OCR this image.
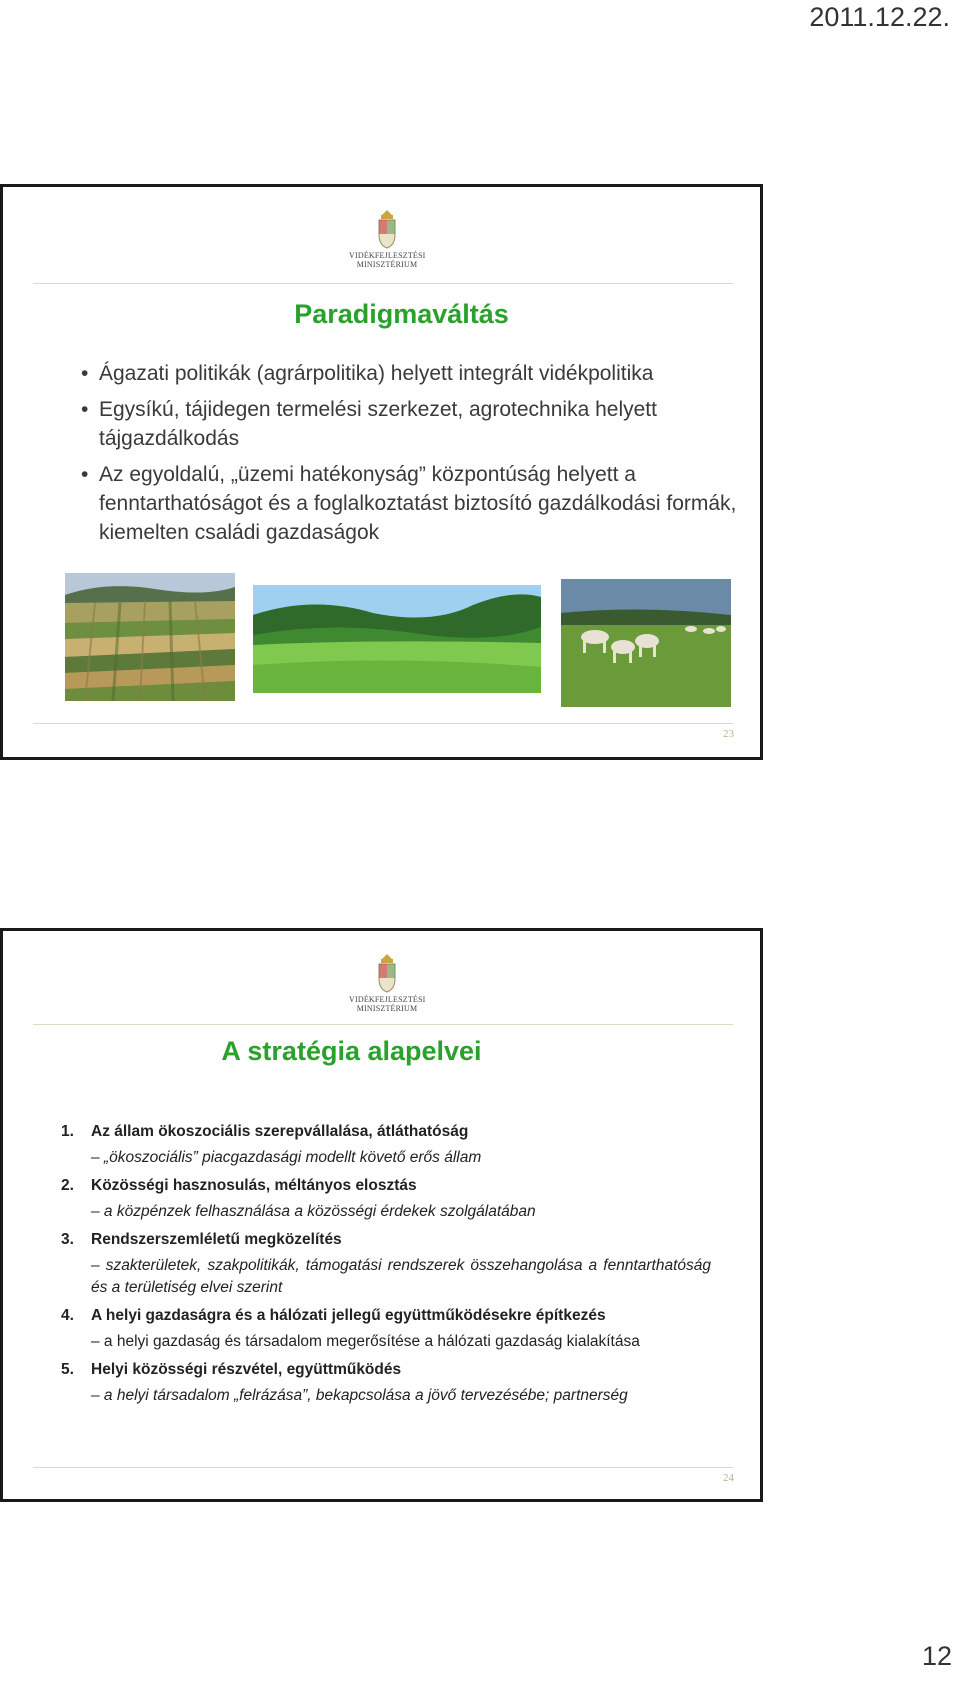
2011.12.22.
VIDÉKFEJLESZTÉSI
MINISZTÉRIUM
Paradigmaváltás
• Ágazati politikák (agrárpolitika) helyett integrált vidékpolitika
• Egysíkú, tájidegen termelési szerkezet, agrotechnika helyett tájgazdálkodás
• Az egyoldalú, „üzemi hatékonyság” központúság helyett a fenntarthatóságot és a foglalkoztatást biztosító gazdálkodási formák, kiemelten családi gazdaságok
23
VIDÉKFEJLESZTÉSI
MINISZTÉRIUM
A stratégia alapelvei
1. Az állam ökoszociális szerepvállalása, átláthatóság
– „ökoszociális” piacgazdasági modellt követő erős állam
2. Közösségi hasznosulás, méltányos elosztás
– a közpénzek felhasználása a közösségi érdekek szolgálatában
3. Rendszerszemléletű megközelítés
– szakterületek, szakpolitikák, támogatási rendszerek összehangolása a fenntarthatóság és a területiség elvei szerint
4. A helyi gazdaságra és a hálózati jellegű együttműködésekre építkezés
– a helyi gazdaság és társadalom megerősítése a hálózati gazdaság kialakítása
5. Helyi közösségi részvétel, együttműködés
– a helyi társadalom „felrázása”, bekapcsolása a jövő tervezésébe; partnerség
24
12
